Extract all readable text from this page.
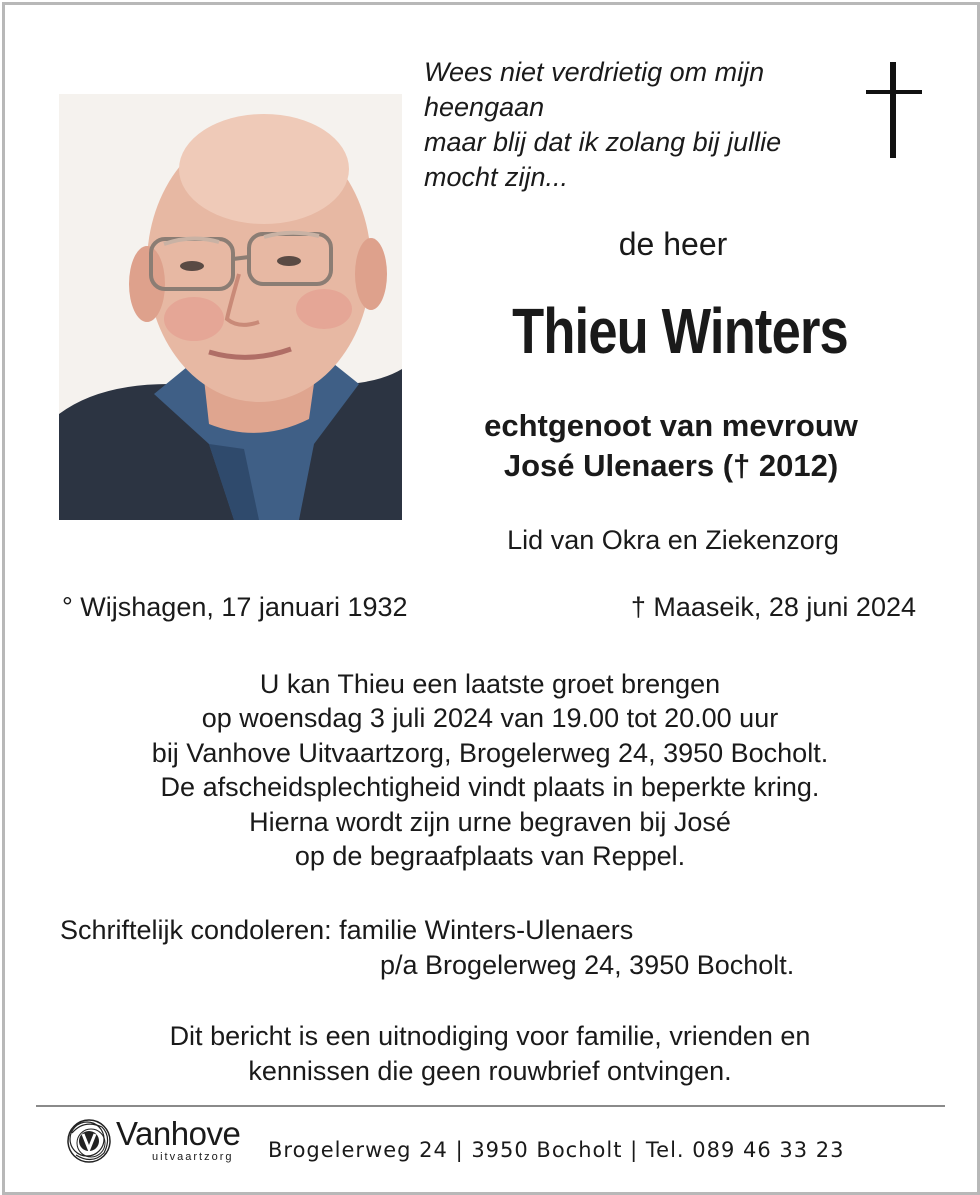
Wees niet verdrietig om mijn
heengaan
maar blij dat ik zolang bij jullie
mocht zijn...
de heer
Thieu Winters
echtgenoot van mevrouw
José Ulenaers († 2012)
Lid van Okra en Ziekenzorg
° Wijshagen, 17 januari 1932	† Maaseik, 28 juni 2024
U kan Thieu een laatste groet brengen
op woensdag 3 juli 2024 van 19.00 tot 20.00 uur
bij Vanhove Uitvaartzorg, Brogelerweg 24, 3950 Bocholt.
De afscheidsplechtigheid vindt plaats in beperkte kring.
Hierna wordt zijn urne begraven bij José
op de begraafplaats van Reppel.
Schriftelijk condoleren: familie Winters-Ulenaers
p/a Brogelerweg 24, 3950 Bocholt.
Dit bericht is een uitnodiging voor familie, vrienden en
kennissen die geen rouwbrief ontvingen.
Vanhove
uitvaartzorg Brogelerweg 24 | 3950 Bocholt | Tel. 089 46 33 23
